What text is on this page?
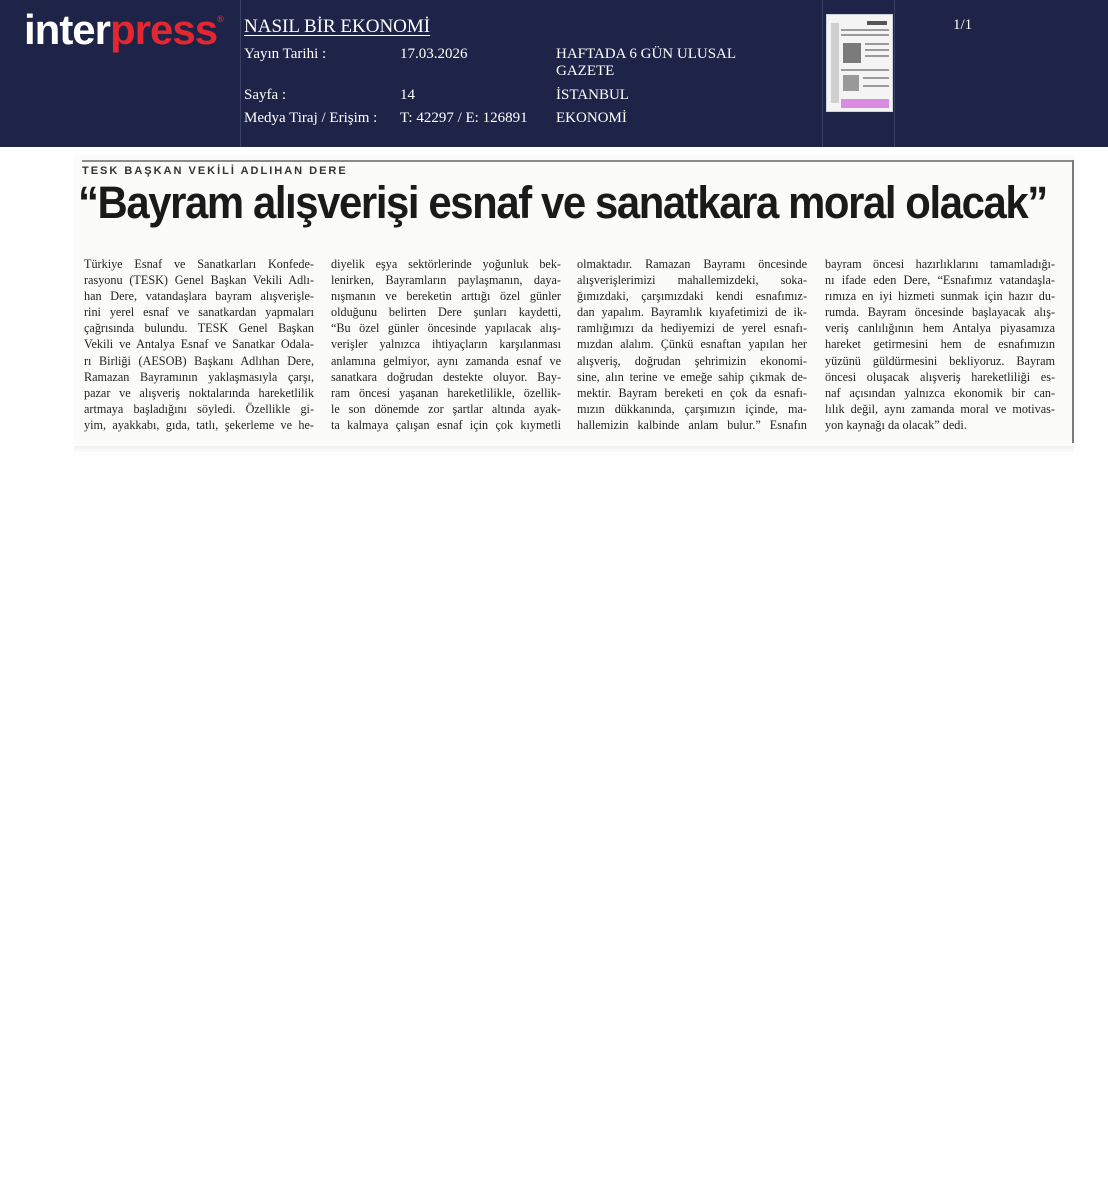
interpress® NASIL BİR EKONOMİ
Yayın Tarihi :	17.03.2026	HAFTADA 6 GÜN ULUSAL GAZETE
Sayfa :	14	İSTANBUL
Medya Tiraj / Erişim : T: 42297 / E: 126891 EKONOMİ
1/1
TESK BAŞKAN VEKİLİ ADLIHAN DERE
“Bayram alışverişi esnaf ve sanatkara moral olacak”
Türkiye Esnaf ve Sanatkarları Konfede-
rasyonu (TESK) Genel Başkan Vekili Adlı-
han Dere, vatandaşlara bayram alışverişle-
rini yerel esnaf ve sanatkardan yapmaları
çağrısında bulundu. TESK Genel Başkan
Vekili ve Antalya Esnaf ve Sanatkar Odala-
rı Birliği (AESOB) Başkanı Adlıhan Dere,
Ramazan Bayramının yaklaşmasıyla çarşı,
pazar ve alışveriş noktalarında hareketlilik
artmaya başladığını söyledi. Özellikle gi-
yim, ayakkabı, gıda, tatlı, şekerleme ve he-
diyelik eşya sektörlerinde yoğunluk bek-
lenirken, Bayramların paylaşmanın, daya-
nışmanın ve bereketin arttığı özel günler
olduğunu belirten Dere şunları kaydetti,
“Bu özel günler öncesinde yapılacak alış-
verişler yalnızca ihtiyaçların karşılanması
anlamına gelmiyor, aynı zamanda esnaf ve
sanatkara doğrudan destekte oluyor. Bay-
ram öncesi yaşanan hareketlilikle, özellik-
le son dönemde zor şartlar altında ayak-
ta kalmaya çalışan esnaf için çok kıymetli
olmaktadır. Ramazan Bayramı öncesinde
alışverişlerimizi mahallemizdeki, soka-
ğımızdaki, çarşımızdaki kendi esnafımız-
dan yapalım. Bayramlık kıyafetimizi de ik-
ramlığımızı da hediyemizi de yerel esnafı-
mızdan alalım. Çünkü esnaftan yapılan her
alışveriş, doğrudan şehrimizin ekonomi-
sine, alın terine ve emeğe sahip çıkmak de-
mektir. Bayram bereketi en çok da esnafı-
mızın dükkanında, çarşımızın içinde, ma-
hallemizin kalbinde anlam bulur.” Esnafın
bayram öncesi hazırlıklarını tamamladığı-
nı ifade eden Dere, “Esnafımız vatandaşla-
rımıza en iyi hizmeti sunmak için hazır du-
rumda. Bayram öncesinde başlayacak alış-
veriş canlılığının hem Antalya piyasamıza
hareket getirmesini hem de esnafımızın
yüzünü güldürmesini bekliyoruz. Bayram
öncesi oluşacak alışveriş hareketliliği es-
naf açısından yalnızca ekonomik bir can-
lılık değil, aynı zamanda moral ve motivas-
yon kaynağı da olacak” dedi.
